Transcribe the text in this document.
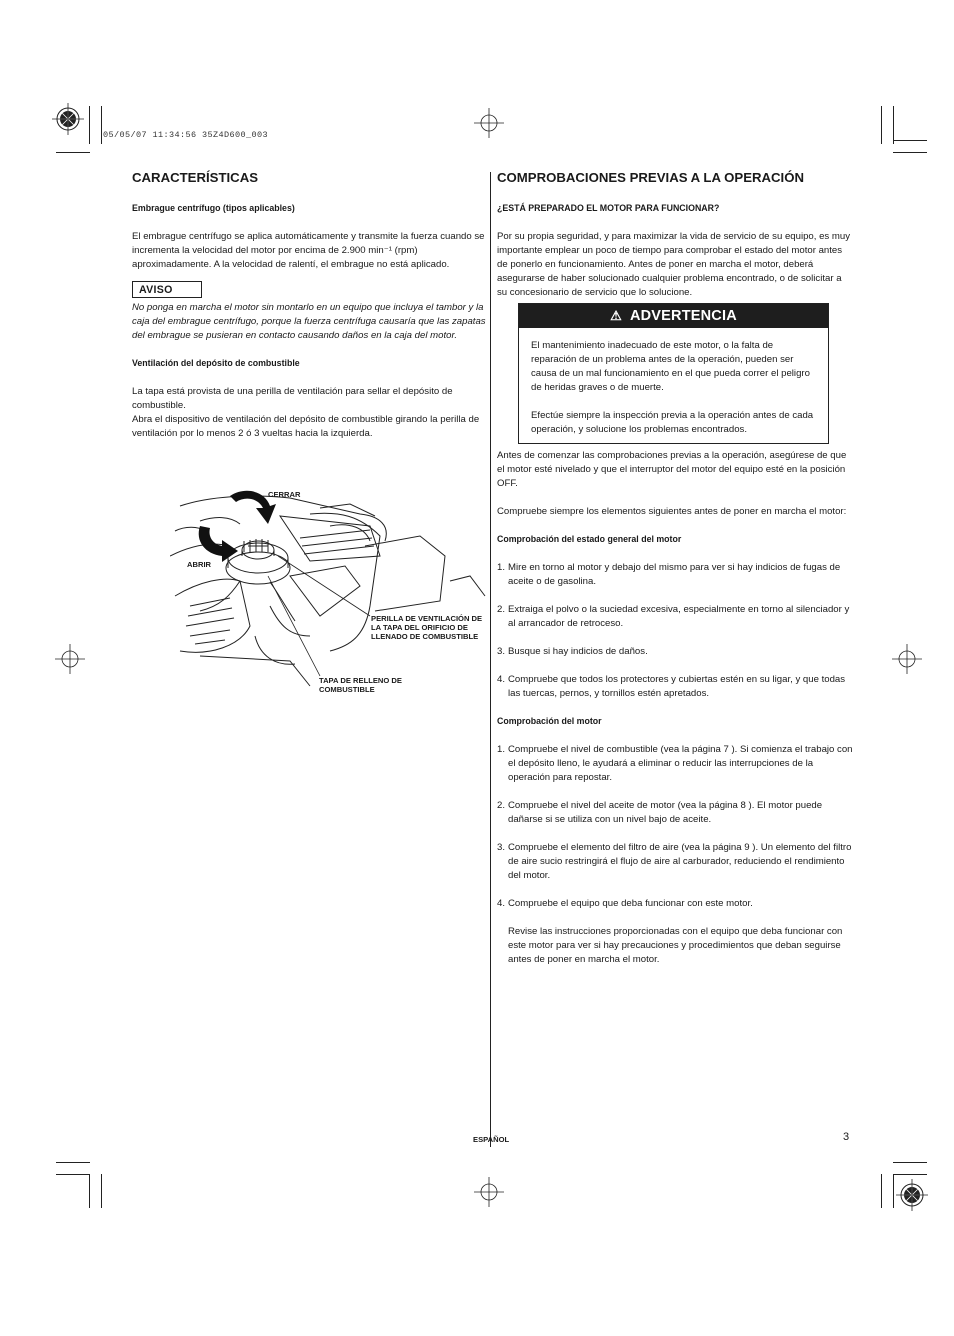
05/05/07 11:34:56 35Z4D600_003

CARACTERÍSTICAS

Embrague centrífugo (tipos aplicables)

El embrague centrífugo se aplica automáticamente y transmite la fuerza cuando se incrementa la velocidad del motor por encima de 2.900 min⁻¹ (rpm) aproximadamente. A la velocidad de ralentí, el embrague no está aplicado.

AVISO

No ponga en marcha el motor sin montarlo en un equipo que incluya el tambor y la caja del embrague centrífugo, porque la fuerza centrífuga causaría que las zapatas del embrague se pusieran en contacto causando daños en la caja del motor.

Ventilación del depósito de combustible

La tapa está provista de una perilla de ventilación para sellar el depósito de combustible.

Abra el dispositivo de ventilación del depósito de combustible girando la perilla de ventilación por lo menos 2 ó 3 vueltas hacia la izquierda.

CERRAR
ABRIR
PERILLA DE VENTILACIÓN DE LA TAPA DEL ORIFICIO DE LLENADO DE COMBUSTIBLE
TAPA DE RELLENO DE COMBUSTIBLE

COMPROBACIONES PREVIAS A LA OPERACIÓN

¿ESTÁ PREPARADO EL MOTOR PARA FUNCIONAR?

Por su propia seguridad, y para maximizar la vida de servicio de su equipo, es muy importante emplear un poco de tiempo para comprobar el estado del motor antes de ponerlo en funcionamiento. Antes de poner en marcha el motor, deberá asegurarse de haber solucionado cualquier problema encontrado, o de solicitar a su concesionario de servicio que lo solucione.

⚠ ADVERTENCIA

El mantenimiento inadecuado de este motor, o la falta de reparación de un problema antes de la operación, pueden ser causa de un mal funcionamiento en el que pueda correr el peligro de heridas graves o de muerte.

Efectúe siempre la inspección previa a la operación antes de cada operación, y solucione los problemas encontrados.

Antes de comenzar las comprobaciones previas a la operación, asegúrese de que el motor esté nivelado y que el interruptor del motor del equipo esté en la posición OFF.

Compruebe siempre los elementos siguientes antes de poner en marcha el motor:

Comprobación del estado general del motor

1. Mire en torno al motor y debajo del mismo para ver si hay indicios de fugas de aceite o de gasolina.
2. Extraiga el polvo o la suciedad excesiva, especialmente en torno al silenciador y al arrancador de retroceso.
3. Busque si hay indicios de daños.
4. Compruebe que todos los protectores y cubiertas estén en su ligar, y que todas las tuercas, pernos, y tornillos estén apretados.

Comprobación del motor

1. Compruebe el nivel de combustible (vea la página 7 ). Si comienza el trabajo con el depósito lleno, le ayudará a eliminar o reducir las interrupciones de la operación para repostar.
2. Compruebe el nivel del aceite de motor (vea la página 8 ). El motor puede dañarse si se utiliza con un nivel bajo de aceite.
3. Compruebe el elemento del filtro de aire (vea la página 9 ). Un elemento del filtro de aire sucio restringirá el flujo de aire al carburador, reduciendo el rendimiento del motor.
4. Compruebe el equipo que deba funcionar con este motor.
Revise las instrucciones proporcionadas con el equipo que deba funcionar con este motor para ver si hay precauciones y procedimientos que deban seguirse antes de poner en marcha el motor.
ESPAÑOL	3
